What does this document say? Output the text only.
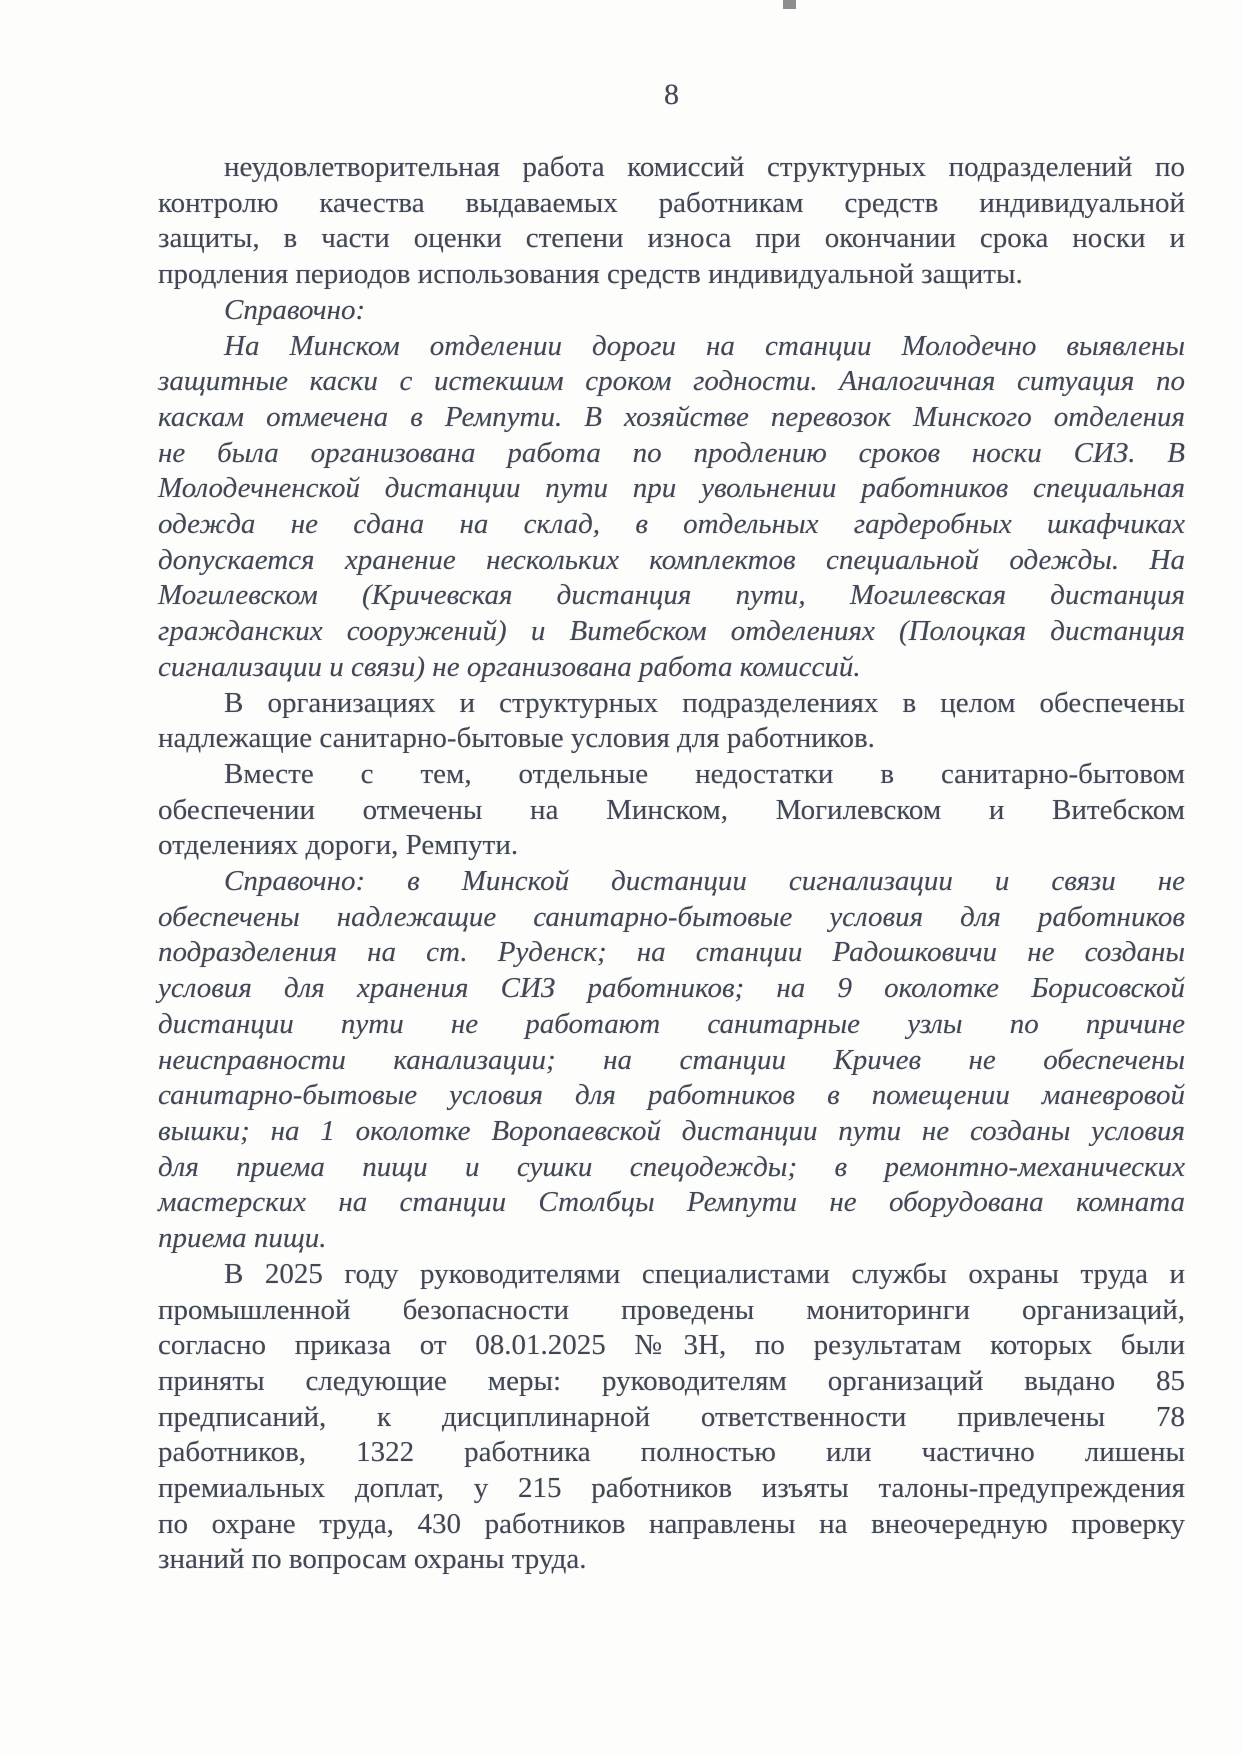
8
неудовлетворительная работа комиссий структурных подразделений по
контролю качества выдаваемых работникам средств индивидуальной
защиты, в части оценки степени износа при окончании срока носки и
продления периодов использования средств индивидуальной защиты.
Справочно:
На Минском отделении дороги на станции Молодечно выявлены
защитные каски с истекшим сроком годности. Аналогичная ситуация по
каскам отмечена в Ремпути. В хозяйстве перевозок Минского отделения
не была организована работа по продлению сроков носки СИЗ. В
Молодечненской дистанции пути при увольнении работников специальная
одежда не сдана на склад, в отдельных гардеробных шкафчиках
допускается хранение нескольких комплектов специальной одежды. На
Могилевском (Кричевская дистанция пути, Могилевская дистанция
гражданских сооружений) и Витебском отделениях (Полоцкая дистанция
сигнализации и связи) не организована работа комиссий.
В организациях и структурных подразделениях в целом обеспечены
надлежащие санитарно-бытовые условия для работников.
Вместе с тем, отдельные недостатки в санитарно-бытовом
обеспечении отмечены на Минском, Могилевском и Витебском
отделениях дороги, Ремпути.
Справочно: в Минской дистанции сигнализации и связи не
обеспечены надлежащие санитарно-бытовые условия для работников
подразделения на ст. Руденск; на станции Радошковичи не созданы
условия для хранения СИЗ работников; на 9 околотке Борисовской
дистанции пути не работают санитарные узлы по причине
неисправности канализации; на станции Кричев не обеспечены
санитарно-бытовые условия для работников в помещении маневровой
вышки; на 1 околотке Воропаевской дистанции пути не созданы условия
для приема пищи и сушки спецодежды; в ремонтно-механических
мастерских на станции Столбцы Ремпути не оборудована комната
приема пищи.
В 2025 году руководителями специалистами службы охраны труда и
промышленной безопасности проведены мониторинги организаций,
согласно приказа от 08.01.2025 №3Н, по результатам которых были
приняты следующие меры: руководителям организаций выдано 85
предписаний, к дисциплинарной ответственности привлечены 78
работников, 1322 работника полностью или частично лишены
премиальных доплат, у 215 работников изъяты талоны-предупреждения
по охране труда, 430 работников направлены на внеочередную проверку
знаний по вопросам охраны труда.
